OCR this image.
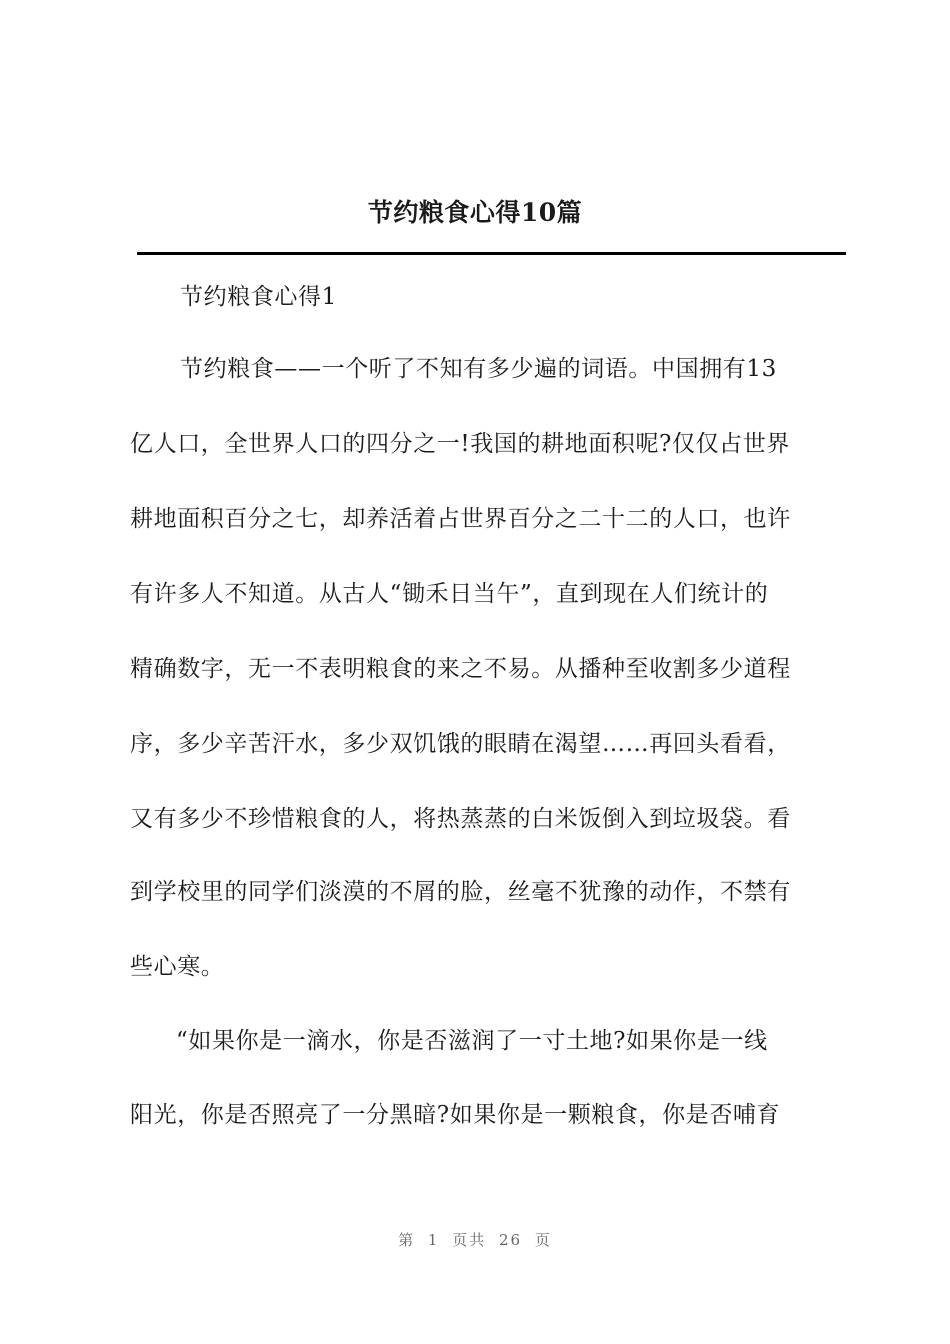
节约粮食心得10篇
节约粮食心得1
节约粮食——一个听了不知有多少遍的词语。中国拥有13
亿人口，全世界人口的四分之一!我国的耕地面积呢?仅仅占世界
耕地面积百分之七，却养活着占世界百分之二十二的人口，也许
有许多人不知道。从古人“锄禾日当午”，直到现在人们统计的
精确数字，无一不表明粮食的来之不易。从播种至收割多少道程
序，多少辛苦汗水，多少双饥饿的眼睛在渴望……再回头看看，
又有多少不珍惜粮食的人，将热蒸蒸的白米饭倒入到垃圾袋。看
到学校里的同学们淡漠的不屑的脸，丝毫不犹豫的动作，不禁有
些心寒。
“如果你是一滴水，你是否滋润了一寸土地?如果你是一线
阳光，你是否照亮了一分黑暗?如果你是一颗粮食，你是否哺育
第 1 页共 26 页
